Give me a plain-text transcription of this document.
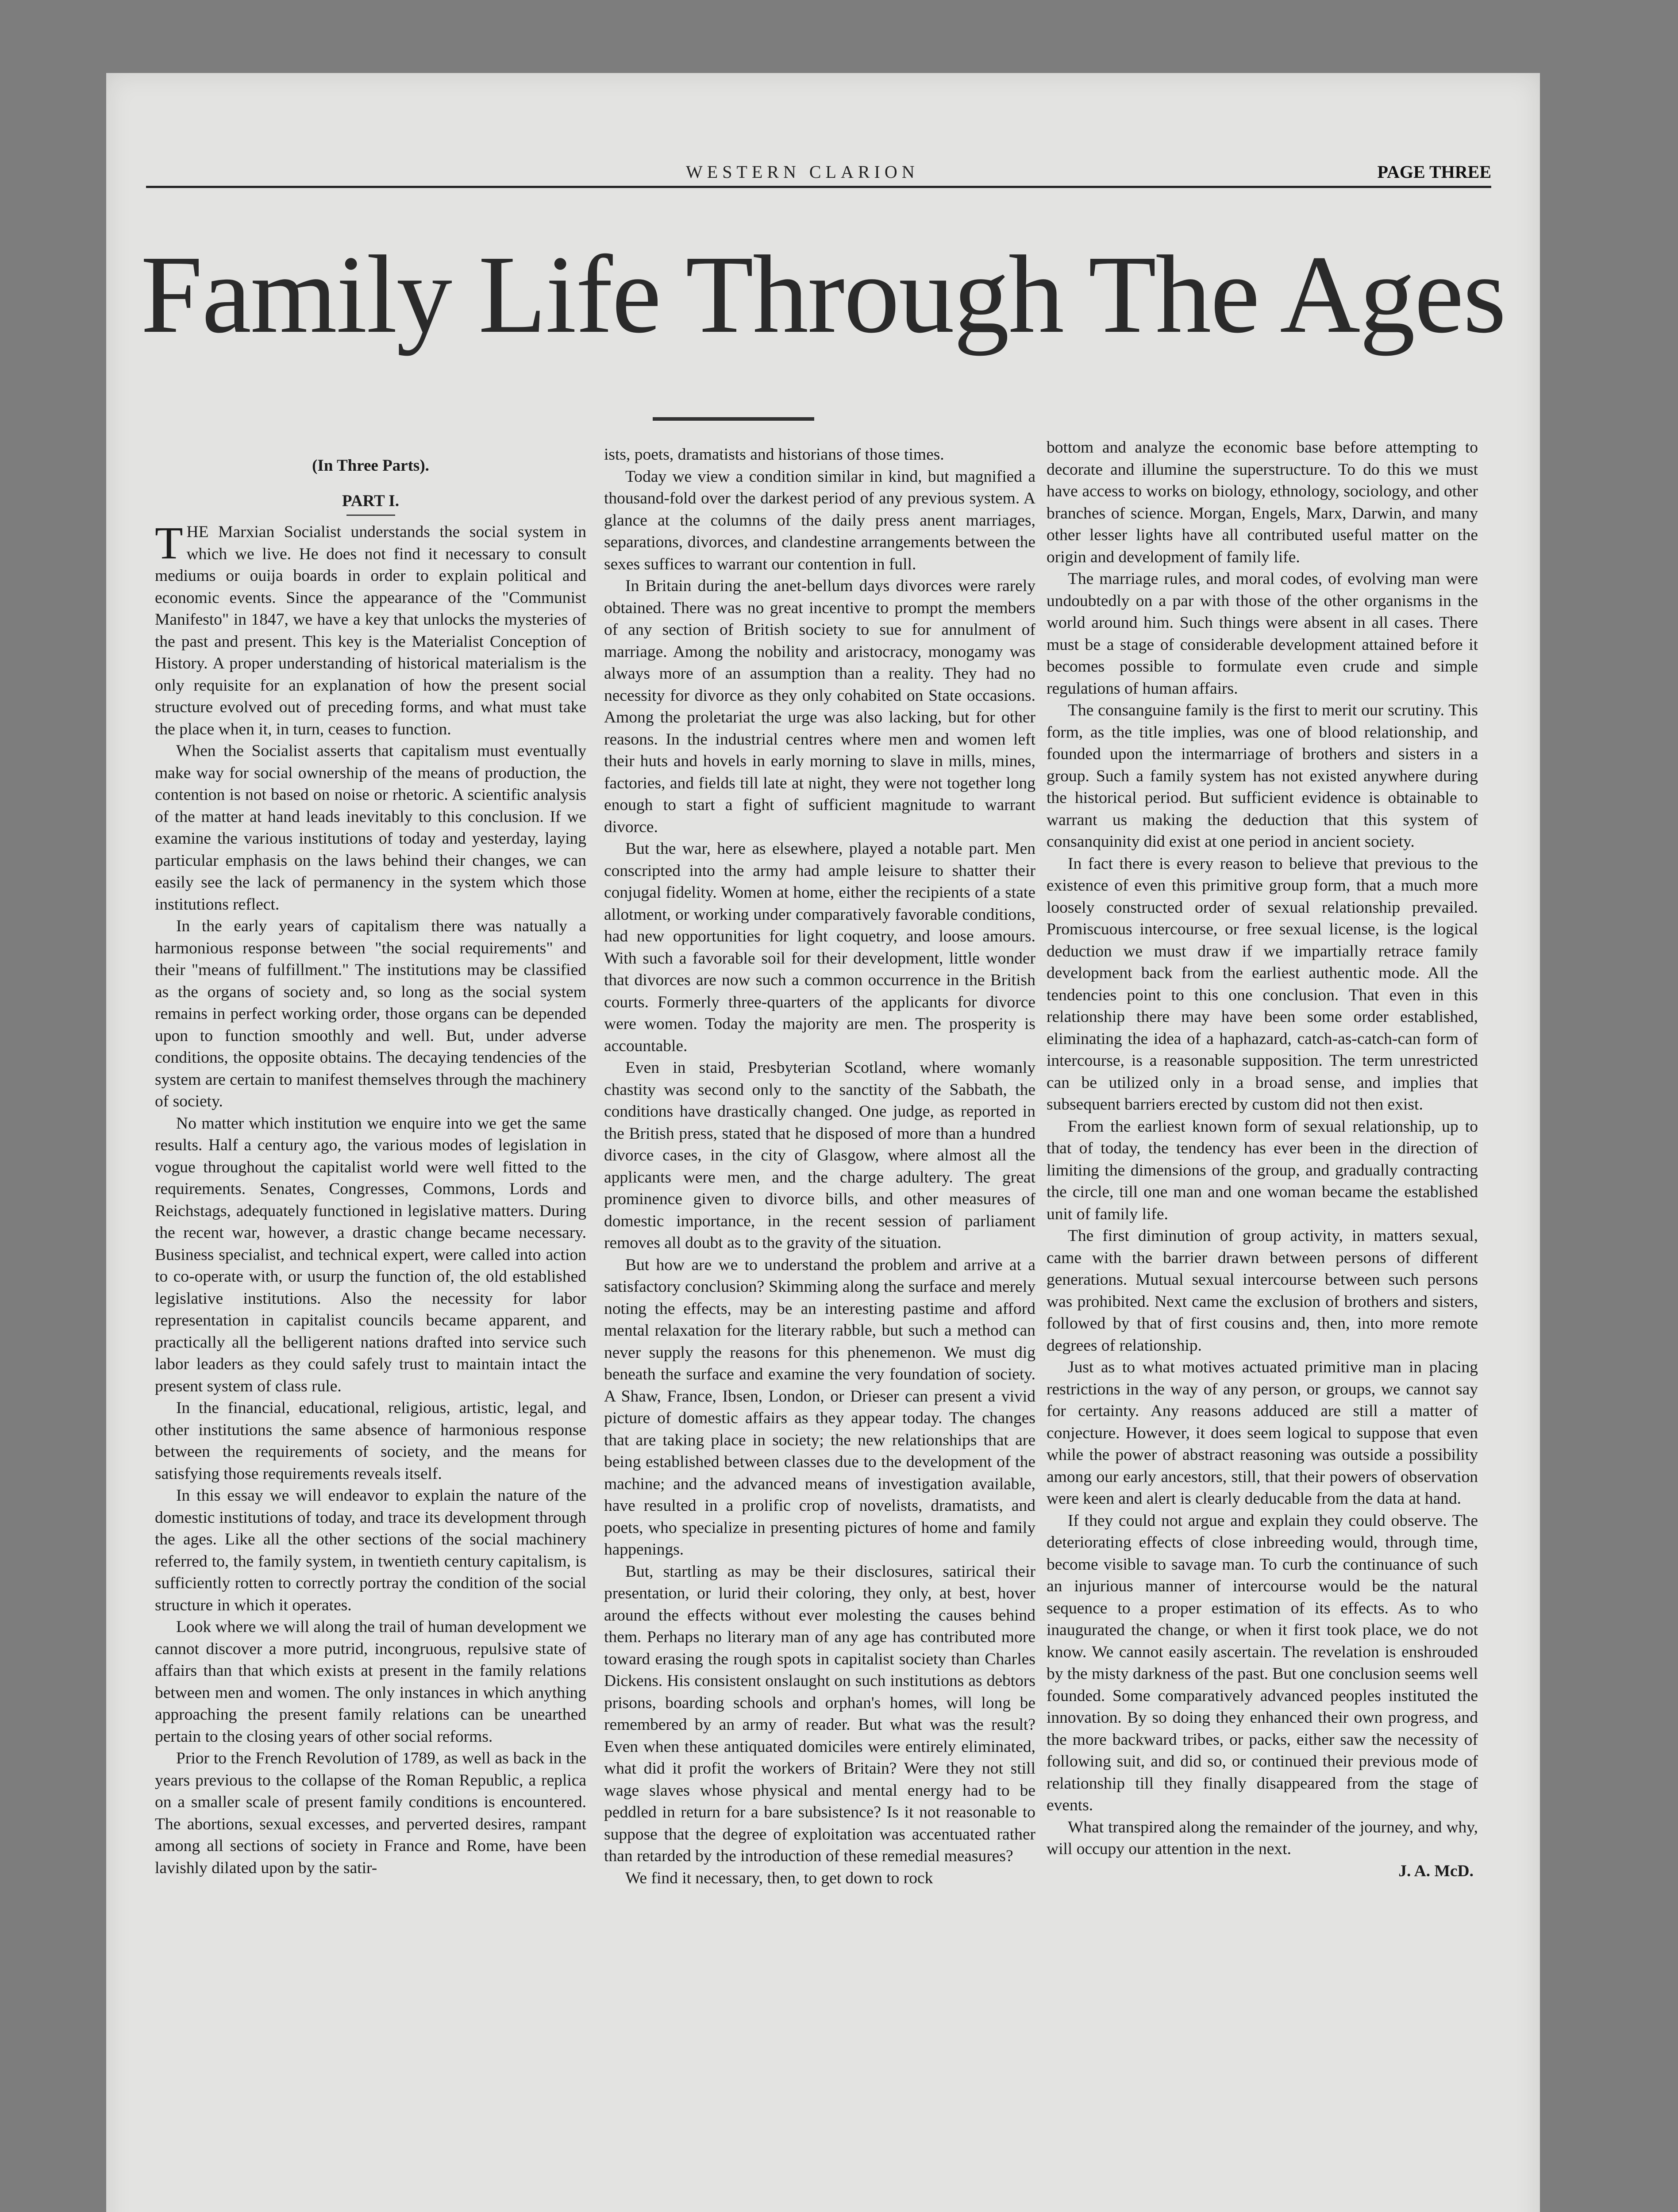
WESTERN CLARION	PAGE THREE
Family Life Through The Ages
(In Three Parts).
PART I.

THE Marxian Socialist understands the social system in which we live. He does not find it necessary to consult mediums or ouija boards in order to explain political and economic events. Since the appearance of the "Communist Manifesto" in 1847, we have a key that unlocks the mysteries of the past and present. This key is the Materialist Conception of History. A proper understanding of historical materialism is the only requisite for an explanation of how the present social structure evolved out of preceding forms, and what must take the place when it, in turn, ceases to function.

When the Socialist asserts that capitalism must eventually make way for social ownership of the means of production, the contention is not based on noise or rhetoric. A scientific analysis of the matter at hand leads inevitably to this conclusion. If we examine the various institutions of today and yesterday, laying particular emphasis on the laws behind their changes, we can easily see the lack of permanency in the system which those institutions reflect.

In the early years of capitalism there was natually a harmonious response between "the social requirements" and their "means of fulfillment." The institutions may be classified as the organs of society and, so long as the social system remains in perfect working order, those organs can be depended upon to function smoothly and well. But, under adverse conditions, the opposite obtains. The decaying tendencies of the system are certain to manifest themselves through the machinery of society.

No matter which institution we enquire into we get the same results. Half a century ago, the various modes of legislation in vogue throughout the capitalist world were well fitted to the requirements. Senates, Congresses, Commons, Lords and Reichstags, adequately functioned in legislative matters. During the recent war, however, a drastic change became necessary. Business specialist, and technical expert, were called into action to co-operate with, or usurp the function of, the old established legislative institutions. Also the necessity for labor representation in capitalist councils became apparent, and practically all the belligerent nations drafted into service such labor leaders as they could safely trust to maintain intact the present system of class rule.

In the financial, educational, religious, artistic, legal, and other institutions the same absence of harmonious response between the requirements of society, and the means for satisfying those requirements reveals itself.

In this essay we will endeavor to explain the nature of the domestic institutions of today, and trace its development through the ages. Like all the other sections of the social machinery referred to, the family system, in twentieth century capitalism, is sufficiently rotten to correctly portray the condition of the social structure in which it operates.

Look where we will along the trail of human development we cannot discover a more putrid, incongruous, repulsive state of affairs than that which exists at present in the family relations between men and women. The only instances in which anything approaching the present family relations can be unearthed pertain to the closing years of other social reforms.

Prior to the French Revolution of 1789, as well as back in the years previous to the collapse of the Roman Republic, a replica on a smaller scale of present family conditions is encountered. The abortions, sexual excesses, and perverted desires, rampant among all sections of society in France and Rome, have been lavishly dilated upon by the satir-

ists, poets, dramatists and historians of those times.

Today we view a condition similar in kind, but magnified a thousand-fold over the darkest period of any previous system. A glance at the columns of the daily press anent marriages, separations, divorces, and clandestine arrangements between the sexes suffices to warrant our contention in full.

In Britain during the anet-bellum days divorces were rarely obtained. There was no great incentive to prompt the members of any section of British society to sue for annulment of marriage. Among the nobility and aristocracy, monogamy was always more of an assumption than a reality. They had no necessity for divorce as they only cohabited on State occasions. Among the proletariat the urge was also lacking, but for other reasons. In the industrial centres where men and women left their huts and hovels in early morning to slave in mills, mines, factories, and fields till late at night, they were not together long enough to start a fight of sufficient magnitude to warrant divorce.

But the war, here as elsewhere, played a notable part. Men conscripted into the army had ample leisure to shatter their conjugal fidelity. Women at home, either the recipients of a state allotment, or working under comparatively favorable conditions, had new opportunities for light coquetry, and loose amours. With such a favorable soil for their development, little wonder that divorces are now such a common occurrence in the British courts. Formerly three-quarters of the applicants for divorce were women. Today the majority are men. The prosperity is accountable.

Even in staid, Presbyterian Scotland, where womanly chastity was second only to the sanctity of the Sabbath, the conditions have drastically changed. One judge, as reported in the British press, stated that he disposed of more than a hundred divorce cases, in the city of Glasgow, where almost all the applicants were men, and the charge adultery. The great prominence given to divorce bills, and other measures of domestic importance, in the recent session of parliament removes all doubt as to the gravity of the situation.

But how are we to understand the problem and arrive at a satisfactory conclusion? Skimming along the surface and merely noting the effects, may be an interesting pastime and afford mental relaxation for the literary rabble, but such a method can never supply the reasons for this phenemenon. We must dig beneath the surface and examine the very foundation of society. A Shaw, France, Ibsen, London, or Drieser can present a vivid picture of domestic affairs as they appear today. The changes that are taking place in society; the new relationships that are being established between classes due to the development of the machine; and the advanced means of investigation available, have resulted in a prolific crop of novelists, dramatists, and poets, who specialize in presenting pictures of home and family happenings.

But, startling as may be their disclosures, satirical their presentation, or lurid their coloring, they only, at best, hover around the effects without ever molesting the causes behind them. Perhaps no literary man of any age has contributed more toward erasing the rough spots in capitalist society than Charles Dickens. His consistent onslaught on such institutions as debtors prisons, boarding schools and orphan's homes, will long be remembered by an army of reader. But what was the result? Even when these antiquated domiciles were entirely eliminated, what did it profit the workers of Britain? Were they not still wage slaves whose physical and mental energy had to be peddled in return for a bare subsistence? Is it not reasonable to suppose that the degree of exploitation was accentuated rather than retarded by the introduction of these remedial measures?

We find it necessary, then, to get down to rock

bottom and analyze the economic base before attempting to decorate and illumine the superstructure. To do this we must have access to works on biology, ethnology, sociology, and other branches of science. Morgan, Engels, Marx, Darwin, and many other lesser lights have all contributed useful matter on the origin and development of family life.

The marriage rules, and moral codes, of evolving man were undoubtedly on a par with those of the other organisms in the world around him. Such things were absent in all cases. There must be a stage of considerable development attained before it becomes possible to formulate even crude and simple regulations of human affairs.

The consanguine family is the first to merit our scrutiny. This form, as the title implies, was one of blood relationship, and founded upon the intermarriage of brothers and sisters in a group. Such a family system has not existed anywhere during the historical period. But sufficient evidence is obtainable to warrant us making the deduction that this system of consanquinity did exist at one period in ancient society.

In fact there is every reason to believe that previous to the existence of even this primitive group form, that a much more loosely constructed order of sexual relationship prevailed. Promiscuous intercourse, or free sexual license, is the logical deduction we must draw if we impartially retrace family development back from the earliest authentic mode. All the tendencies point to this one conclusion. That even in this relationship there may have been some order established, eliminating the idea of a haphazard, catch-as-catch-can form of intercourse, is a reasonable supposition. The term unrestricted can be utilized only in a broad sense, and implies that subsequent barriers erected by custom did not then exist.

From the earliest known form of sexual relationship, up to that of today, the tendency has ever been in the direction of limiting the dimensions of the group, and gradually contracting the circle, till one man and one woman became the established unit of family life.

The first diminution of group activity, in matters sexual, came with the barrier drawn between persons of different generations. Mutual sexual intercourse between such persons was prohibited. Next came the exclusion of brothers and sisters, followed by that of first cousins and, then, into more remote degrees of relationship.

Just as to what motives actuated primitive man in placing restrictions in the way of any person, or groups, we cannot say for certainty. Any reasons adduced are still a matter of conjecture. However, it does seem logical to suppose that even while the power of abstract reasoning was outside a possibility among our early ancestors, still, that their powers of observation were keen and alert is clearly deducable from the data at hand.

If they could not argue and explain they could observe. The deteriorating effects of close inbreeding would, through time, become visible to savage man. To curb the continuance of such an injurious manner of intercourse would be the natural sequence to a proper estimation of its effects. As to who inaugurated the change, or when it first took place, we do not know. We cannot easily ascertain. The revelation is enshrouded by the misty darkness of the past. But one conclusion seems well founded. Some comparatively advanced peoples instituted the innovation. By so doing they enhanced their own progress, and the more backward tribes, or packs, either saw the necessity of following suit, and did so, or continued their previous mode of relationship till they finally disappeared from the stage of events.

What transpired along the remainder of the journey, and why, will occupy our attention in the next.

J. A. McD.
